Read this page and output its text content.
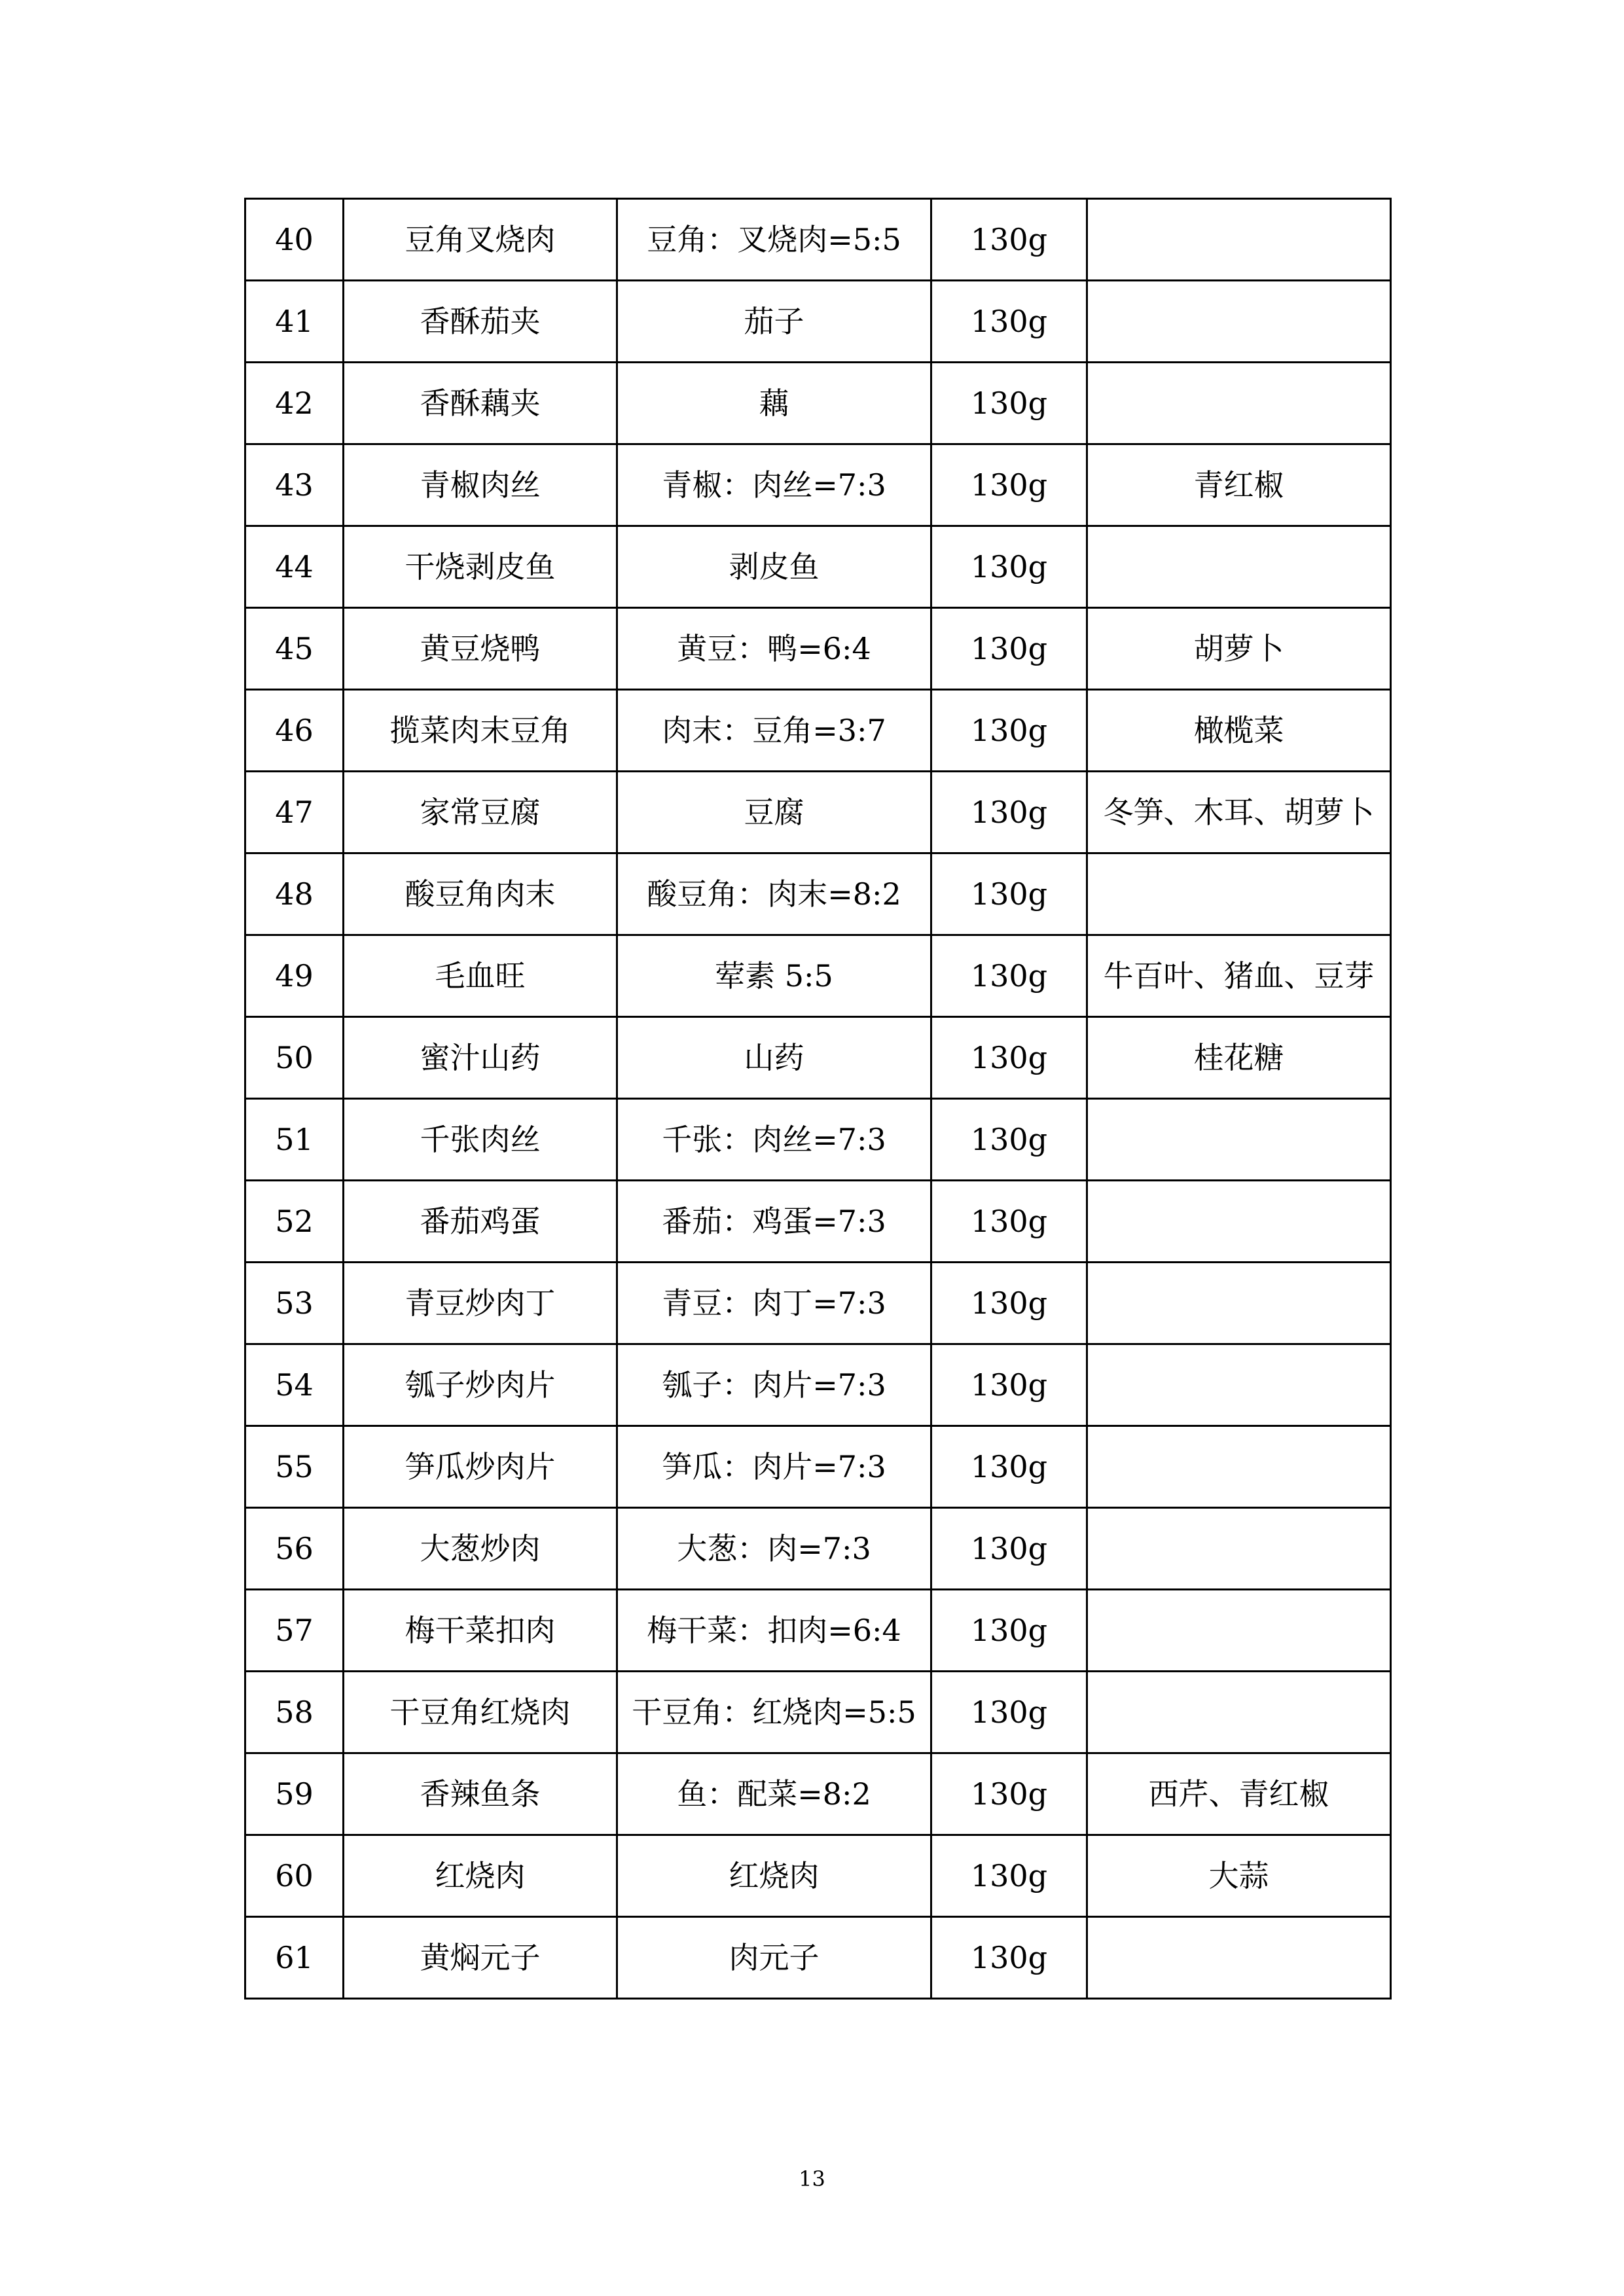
40	豆角叉烧肉	豆角：叉烧肉=5:5	130g	
41	香酥茄夹	茄子	130g	
42	香酥藕夹	藕	130g	
43	青椒肉丝	青椒：肉丝=7:3	130g	青红椒
44	干烧剥皮鱼	剥皮鱼	130g	
45	黄豆烧鸭	黄豆：鸭=6:4	130g	胡萝卜
46	揽菜肉末豆角	肉末：豆角=3:7	130g	橄榄菜
47	家常豆腐	豆腐	130g	冬笋、木耳、胡萝卜
48	酸豆角肉末	酸豆角：肉末=8:2	130g	
49	毛血旺	荤素 5:5	130g	牛百叶、猪血、豆芽
50	蜜汁山药	山药	130g	桂花糖
51	千张肉丝	千张：肉丝=7:3	130g	
52	番茄鸡蛋	番茄：鸡蛋=7:3	130g	
53	青豆炒肉丁	青豆：肉丁=7:3	130g	
54	瓠子炒肉片	瓠子：肉片=7:3	130g	
55	笋瓜炒肉片	笋瓜：肉片=7:3	130g	
56	大葱炒肉	大葱：肉=7:3	130g	
57	梅干菜扣肉	梅干菜：扣肉=6:4	130g	
58	干豆角红烧肉	干豆角：红烧肉=5:5	130g	
59	香辣鱼条	鱼：配菜=8:2	130g	西芹、青红椒
60	红烧肉	红烧肉	130g	大蒜
61	黄焖元子	肉元子	130g	
13
